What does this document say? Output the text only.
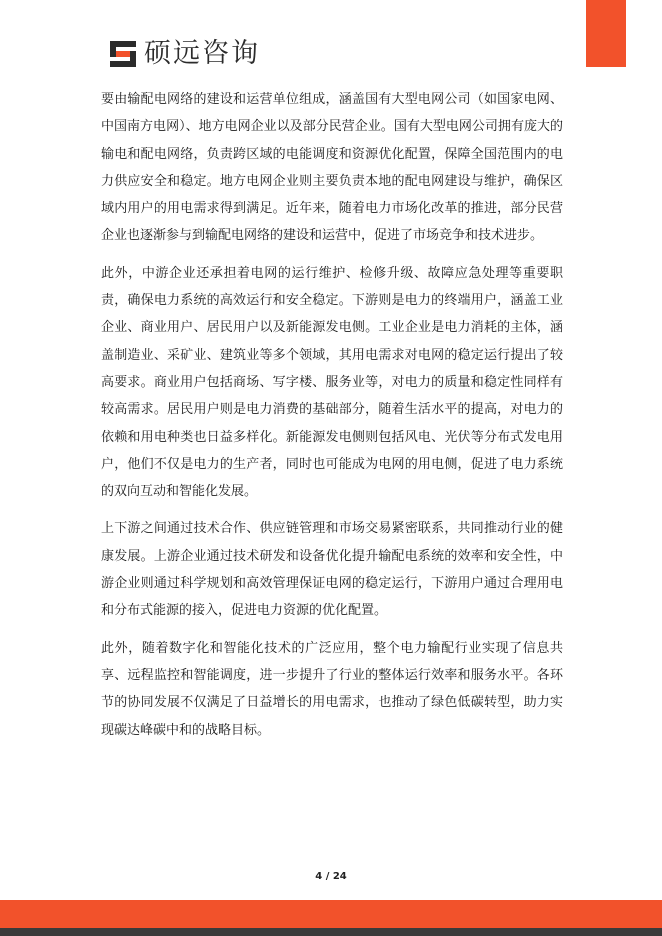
硕远咨询

要由输配电网络的建设和运营单位组成，涵盖国有大型电网公司（如国家电网、中国南方电网）、地方电网企业以及部分民营企业。国有大型电网公司拥有庞大的输电和配电网络，负责跨区域的电能调度和资源优化配置，保障全国范围内的电力供应安全和稳定。地方电网企业则主要负责本地的配电网建设与维护，确保区域内用户的用电需求得到满足。近年来，随着电力市场化改革的推进，部分民营企业也逐渐参与到输配电网络的建设和运营中，促进了市场竞争和技术进步。

此外，中游企业还承担着电网的运行维护、检修升级、故障应急处理等重要职责，确保电力系统的高效运行和安全稳定。下游则是电力的终端用户，涵盖工业企业、商业用户、居民用户以及新能源发电侧。工业企业是电力消耗的主体，涵盖制造业、采矿业、建筑业等多个领域，其用电需求对电网的稳定运行提出了较高要求。商业用户包括商场、写字楼、服务业等，对电力的质量和稳定性同样有较高需求。居民用户则是电力消费的基础部分，随着生活水平的提高，对电力的依赖和用电种类也日益多样化。新能源发电侧则包括风电、光伏等分布式发电用户，他们不仅是电力的生产者，同时也可能成为电网的用电侧，促进了电力系统的双向互动和智能化发展。

上下游之间通过技术合作、供应链管理和市场交易紧密联系，共同推动行业的健康发展。上游企业通过技术研发和设备优化提升输配电系统的效率和安全性，中游企业则通过科学规划和高效管理保证电网的稳定运行，下游用户通过合理用电和分布式能源的接入，促进电力资源的优化配置。

此外，随着数字化和智能化技术的广泛应用，整个电力输配行业实现了信息共享、远程监控和智能调度，进一步提升了行业的整体运行效率和服务水平。各环节的协同发展不仅满足了日益增长的用电需求，也推动了绿色低碳转型，助力实现碳达峰碳中和的战略目标。

4 / 24
